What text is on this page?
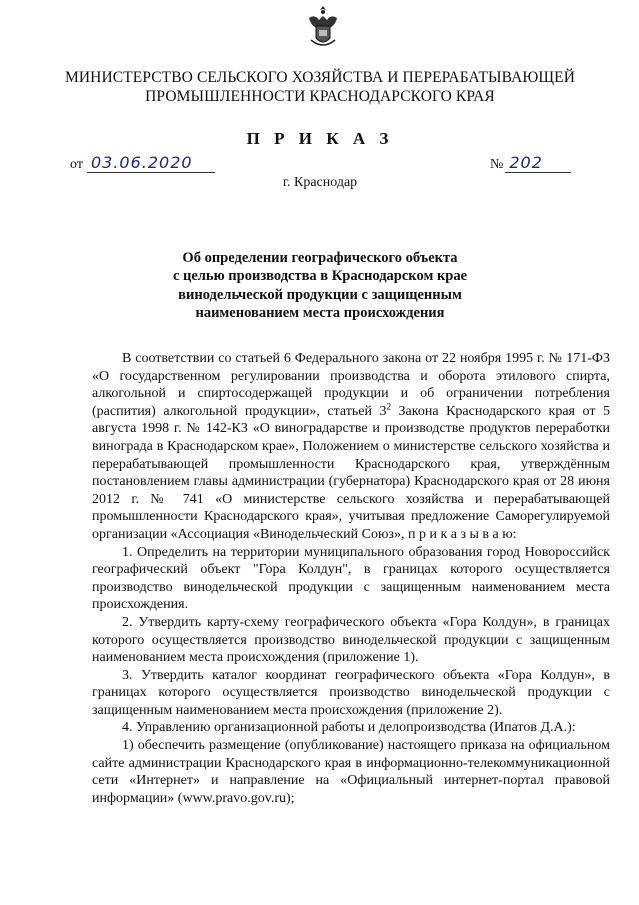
МИНИСТЕРСТВО СЕЛЬСКОГО ХОЗЯЙСТВА И ПЕРЕРАБАТЫВАЮЩЕЙ
ПРОМЫШЛЕННОСТИ КРАСНОДАРСКОГО КРАЯ
П Р И К А З
от 03.06.2020	№ 202
г. Краснодар
Об определении географического объекта
с целью производства в Краснодарском крае
винодельческой продукции с защищенным
наименованием места происхождения

В соответствии со статьей 6 Федерального закона от 22 ноября 1995 г. № 171-ФЗ «О государственном регулировании производства и оборота этилового спирта, алкогольной и спиртосодержащей продукции и об ограничении потребления (распития) алкогольной продукции», статьей $3^2$ Закона Краснодарского края от 5 августа 1998 г. № 142-КЗ «О виноградарстве и производстве продуктов переработки винограда в Краснодарском крае», Положением о министерстве сельского хозяйства и перерабатывающей промышленности Краснодарского края, утверждённым постановлением главы администрации (губернатора) Краснодарского края от 28 июня 2012 г. № 741 «О министерстве сельского хозяйства и перерабатывающей промышленности Краснодарского края», учитывая предложение Саморегулируемой организации «Ассоциация «Винодельческий Союз», п р и к а з ы в а ю:

1. Определить на территории муниципального образования город Новороссийск географический объект "Гора Колдун", в границах которого осуществляется производство винодельческой продукции с защищенным наименованием места происхождения.

2. Утвердить карту-схему географического объекта «Гора Колдун», в границах которого осуществляется производство винодельческой продукции с защищенным наименованием места происхождения (приложение 1).

3. Утвердить каталог координат географического объекта «Гора Колдун», в границах которого осуществляется производство винодельческой продукции с защищенным наименованием места происхождения (приложение 2).

4. Управлению организационной работы и делопроизводства (Ипатов Д.А.):

1) обеспечить размещение (опубликование) настоящего приказа на официальном сайте администрации Краснодарского края в информационно-телекоммуникационной сети «Интернет» и направление на «Официальный интернет-портал правовой информации» (www.pravo.gov.ru);
